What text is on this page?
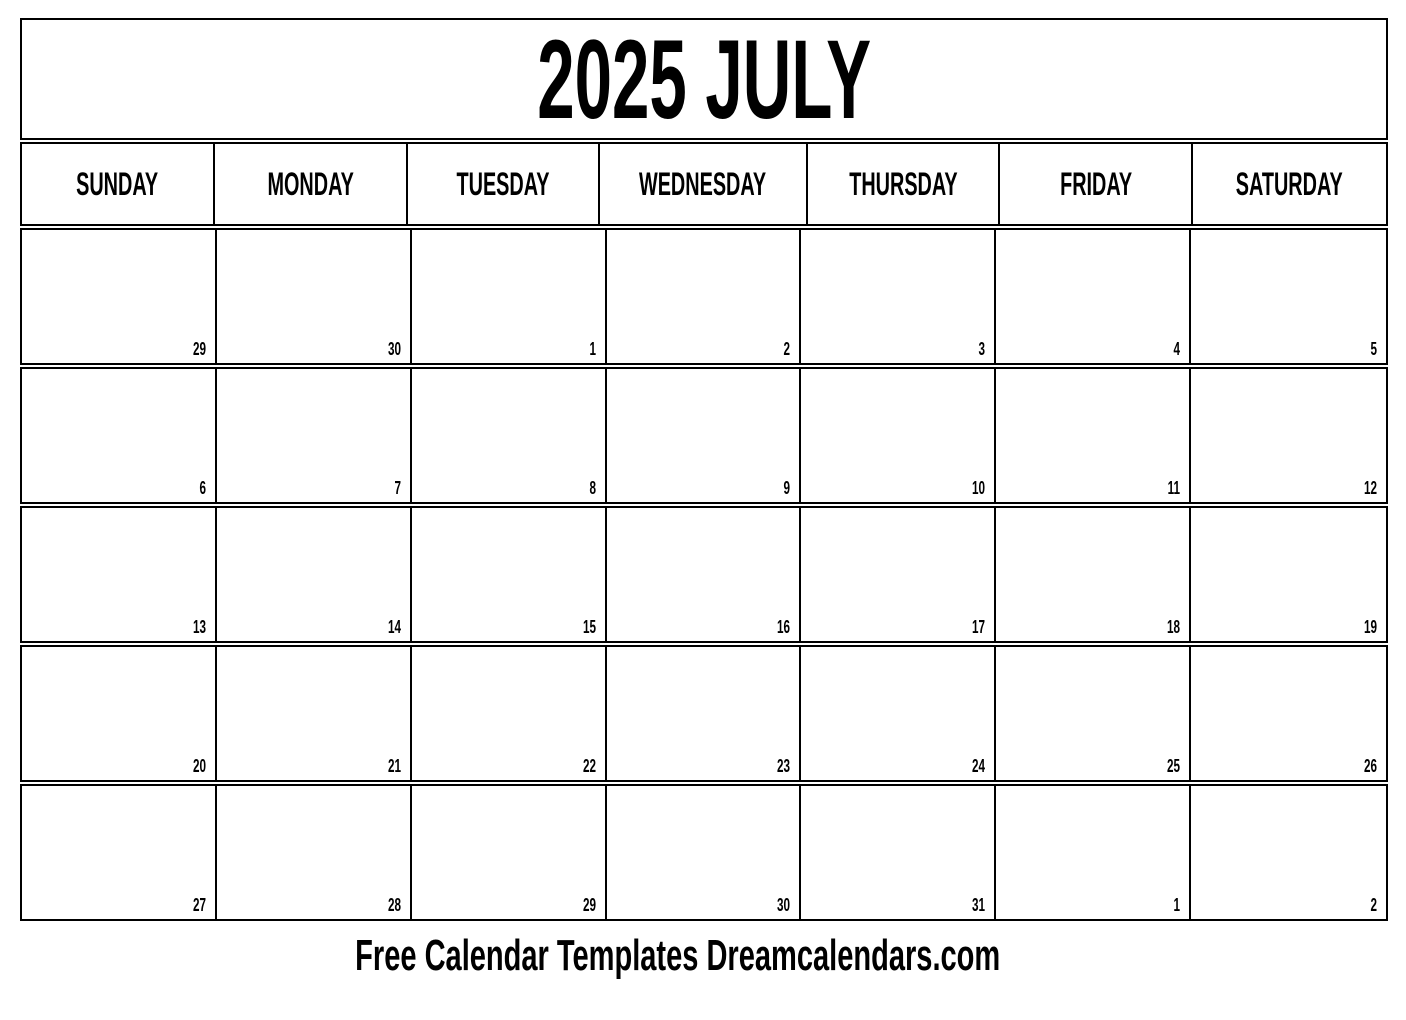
2025 JULY
SUNDAY	MONDAY	TUESDAY	WEDNESDAY	THURSDAY	FRIDAY	SATURDAY
29	30	1	2	3	4	5
6	7	8	9	10	11	12
13	14	15	16	17	18	19
20	21	22	23	24	25	26
27	28	29	30	31	1	2
Free Calendar Templates Dreamcalendars.com
